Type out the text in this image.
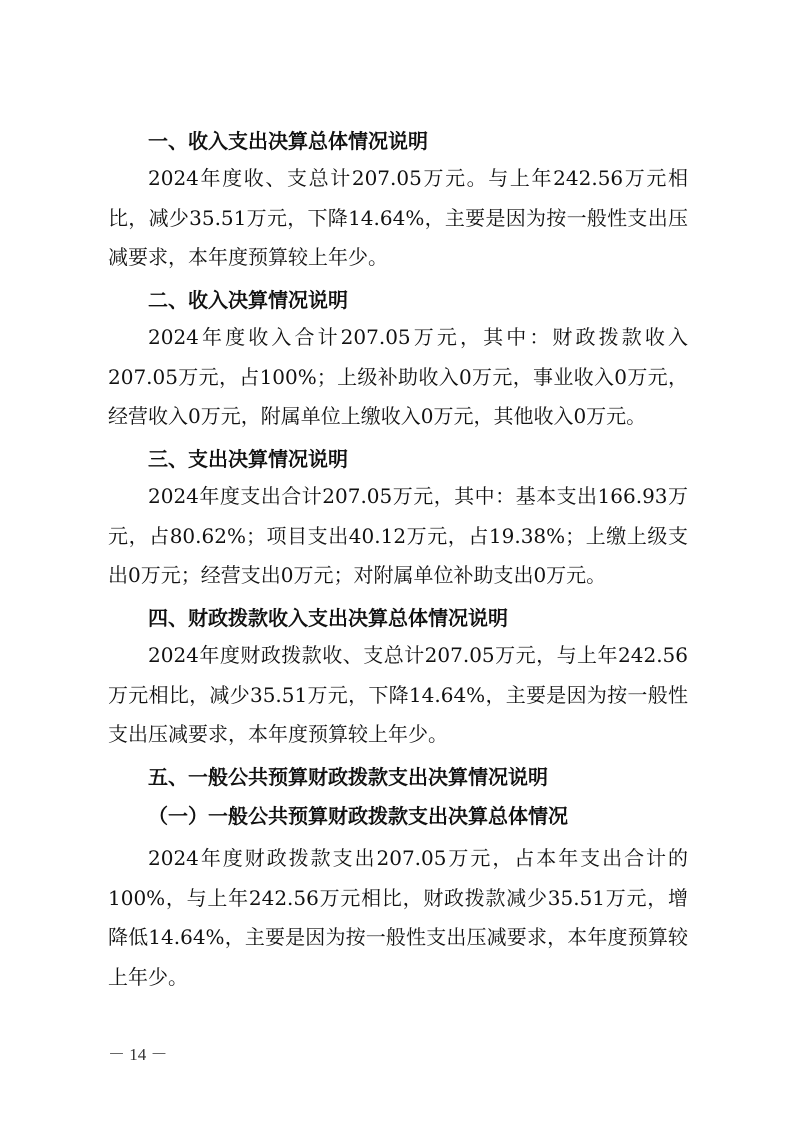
一、收入支出决算总体情况说明

2024年度收、支总计207.05万元。与上年242.56万元相比，减少35.51万元，下降14.64%，主要是因为按一般性支出压减要求，本年度预算较上年少。

二、收入决算情况说明

2024年度收入合计207.05万元，其中：财政拨款收入207.05万元，占100%；上级补助收入0万元，事业收入0万元，经营收入0万元，附属单位上缴收入0万元，其他收入0万元。

三、支出决算情况说明

2024年度支出合计207.05万元，其中：基本支出166.93万元，占80.62%；项目支出40.12万元，占19.38%；上缴上级支出0万元；经营支出0万元；对附属单位补助支出0万元。

四、财政拨款收入支出决算总体情况说明

2024年度财政拨款收、支总计207.05万元，与上年242.56万元相比，减少35.51万元，下降14.64%，主要是因为按一般性支出压减要求，本年度预算较上年少。

五、一般公共预算财政拨款支出决算情况说明
（一）一般公共预算财政拨款支出决算总体情况

2024年度财政拨款支出207.05万元，占本年支出合计的100%，与上年242.56万元相比，财政拨款减少35.51万元，增降低14.64%，主要是因为按一般性支出压减要求，本年度预算较上年少。

－ 14 －
